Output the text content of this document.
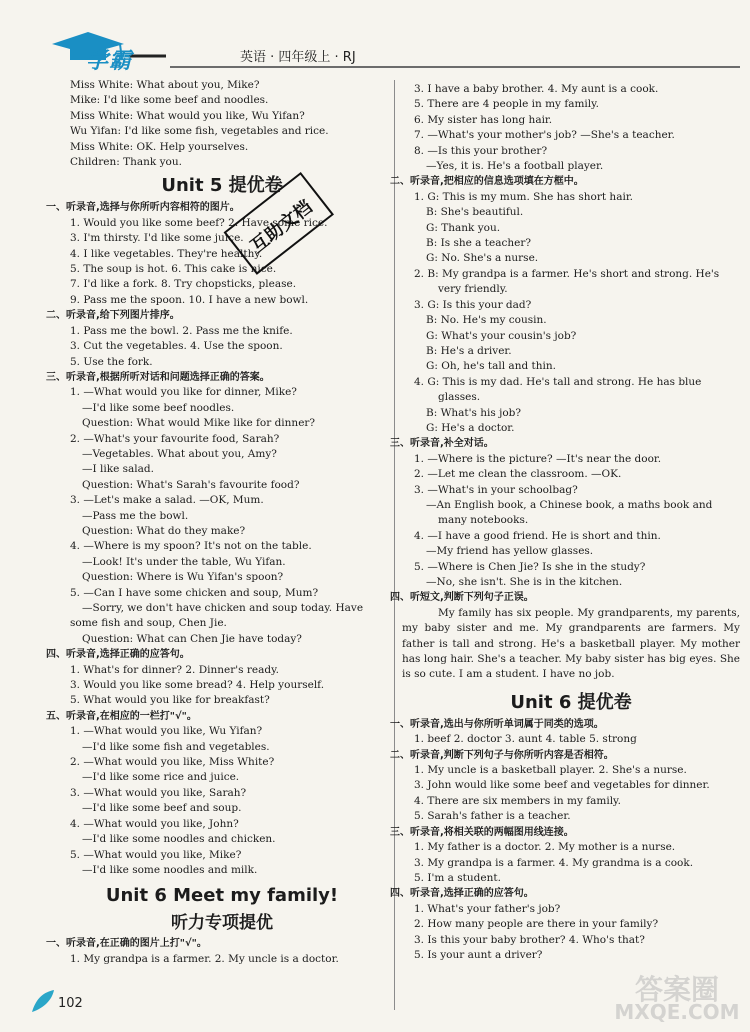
学霸	英语 · 四年级上 · RJ
Miss White: What about you, Mike?
Mike: I'd like some beef and noodles.
Miss White: What would you like, Wu Yifan?
Wu Yifan: I'd like some fish, vegetables and rice.
Miss White: OK. Help yourselves.
Children: Thank you.
Unit 5 提优卷
一、听录音,选择与你所听内容相符的图片。
1. Would you like some beef? 2. Have some rice.
3. I'm thirsty. I'd like some juice.
4. I like vegetables. They're healthy.
5. The soup is hot. 6. This cake is nice.
7. I'd like a fork. 8. Try chopsticks, please.
9. Pass me the spoon. 10. I have a new bowl.
二、听录音,给下列图片排序。
1. Pass me the bowl. 2. Pass me the knife.
3. Cut the vegetables. 4. Use the spoon.
5. Use the fork.
三、听录音,根据所听对话和问题选择正确的答案。
1. —What would you like for dinner, Mike?
—I'd like some beef noodles.
Question: What would Mike like for dinner?
2. —What's your favourite food, Sarah?
—Vegetables. What about you, Amy?
—I like salad.
Question: What's Sarah's favourite food?
3. —Let's make a salad. —OK, Mum.
—Pass me the bowl.
Question: What do they make?
4. —Where is my spoon? It's not on the table.
—Look! It's under the table, Wu Yifan.
Question: Where is Wu Yifan's spoon?
5. —Can I have some chicken and soup, Mum?
—Sorry, we don't have chicken and soup today. Have
some fish and soup, Chen Jie.
Question: What can Chen Jie have today?
四、听录音,选择正确的应答句。
1. What's for dinner? 2. Dinner's ready.
3. Would you like some bread? 4. Help yourself.
5. What would you like for breakfast?
五、听录音,在相应的一栏打"√"。
1. —What would you like, Wu Yifan?
—I'd like some fish and vegetables.
2. —What would you like, Miss White?
—I'd like some rice and juice.
3. —What would you like, Sarah?
—I'd like some beef and soup.
4. —What would you like, John?
—I'd like some noodles and chicken.
5. —What would you like, Mike?
—I'd like some noodles and milk.
Unit 6 Meet my family!
听力专项提优
一、听录音,在正确的图片上打"√"。
1. My grandpa is a farmer. 2. My uncle is a doctor.
3. I have a baby brother. 4. My aunt is a cook.
5. There are 4 people in my family.
6. My sister has long hair.
7. —What's your mother's job? —She's a teacher.
8. —Is this your brother?
—Yes, it is. He's a football player.
二、听录音,把相应的信息选项填在方框中。
1. G: This is my mum. She has short hair.
B: She's beautiful.
G: Thank you.
B: Is she a teacher?
G: No. She's a nurse.
2. B: My grandpa is a farmer. He's short and strong. He's
very friendly.
3. G: Is this your dad?
B: No. He's my cousin.
G: What's your cousin's job?
B: He's a driver.
G: Oh, he's tall and thin.
4. G: This is my dad. He's tall and strong. He has blue
glasses.
B: What's his job?
G: He's a doctor.
三、听录音,补全对话。
1. —Where is the picture? —It's near the door.
2. —Let me clean the classroom. —OK.
3. —What's in your schoolbag?
—An English book, a Chinese book, a maths book and
many notebooks.
4. —I have a good friend. He is short and thin.
—My friend has yellow glasses.
5. —Where is Chen Jie? Is she in the study?
—No, she isn't. She is in the kitchen.
四、听短文,判断下列句子正误。
My family has six people. My grandparents, my parents, my baby sister and me. My grandparents are farmers. My father is tall and strong. He's a basketball player. My mother has long hair. She's a teacher. My baby sister has big eyes. She is so cute. I am a student. I have no job.
Unit 6 提优卷
一、听录音,选出与你所听单词属于同类的选项。
1. beef 2. doctor 3. aunt 4. table 5. strong
二、听录音,判断下列句子与你所听内容是否相符。
1. My uncle is a basketball player. 2. She's a nurse.
3. John would like some beef and vegetables for dinner.
4. There are six members in my family.
5. Sarah's father is a teacher.
三、听录音,将相关联的两幅图用线连接。
1. My father is a doctor. 2. My mother is a nurse.
3. My grandpa is a farmer. 4. My grandma is a cook.
5. I'm a student.
四、听录音,选择正确的应答句。
1. What's your father's job?
2. How many people are there in your family?
3. Is this your baby brother? 4. Who's that?
5. Is your aunt a driver?
互助文档
102	答案圈
MXQE.COM
